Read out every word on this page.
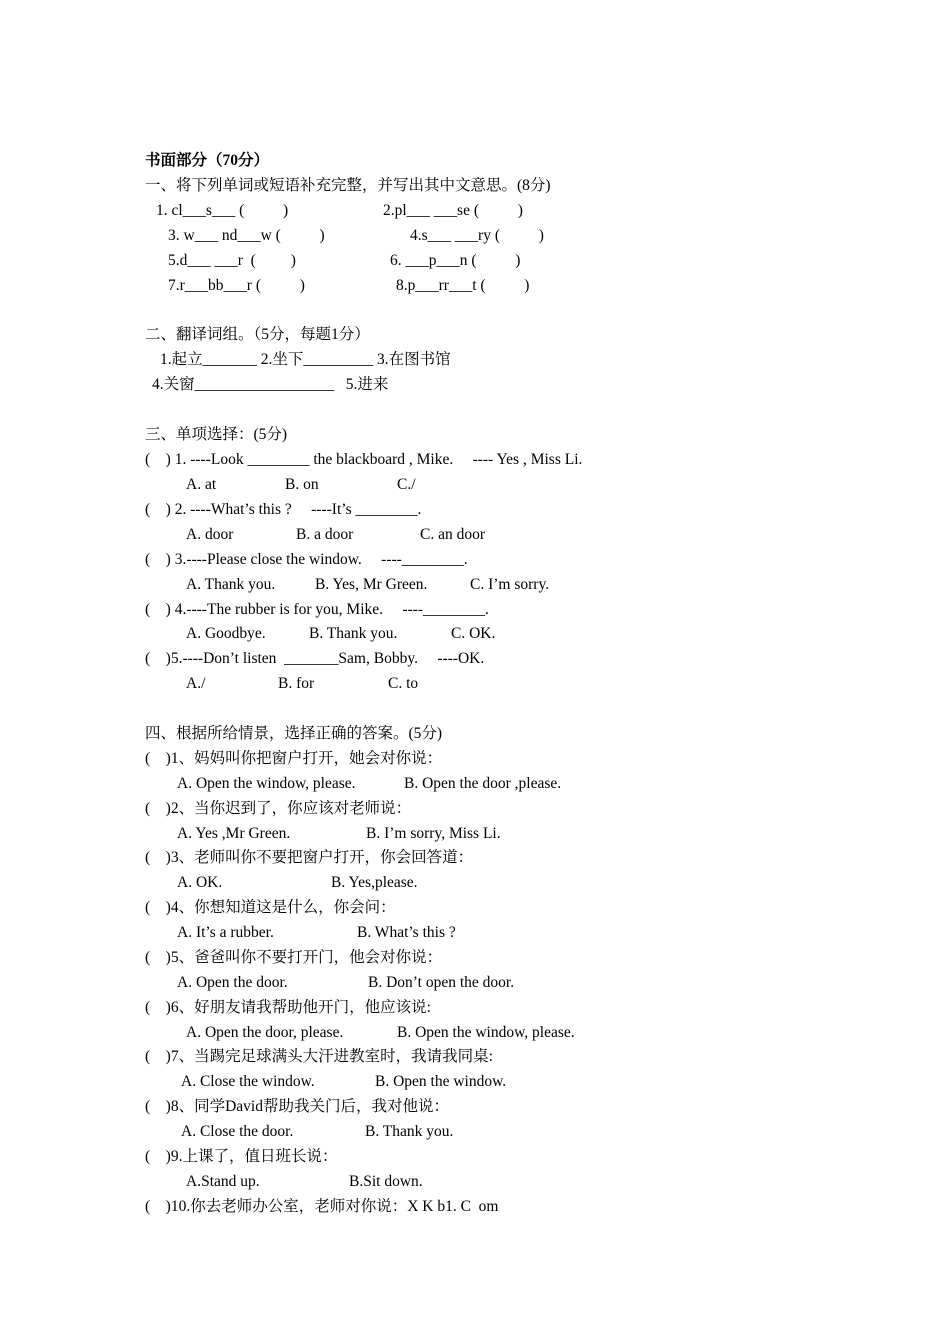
书面部分（70分）
一、将下列单词或短语补充完整，并写出其中文意思。(8分)
1. cl___s___ (          )	2.pl___ ___se (          )
3. w___ nd___w (          )	4.s___ ___ry (          )
5.d___ ___r  (         )	6. ___p___n (          )
7.r___bb___r (          )	8.p___rr___t (          )
二、翻译词组。（5分，每题1分）
1.起立_______ 2.坐下_________ 3.在图书馆
4.关窗__________________   5.进来
三、单项选择：(5分)
(    ) 1. ----Look ________ the blackboard , Mike.     ---- Yes , Miss Li.
A. at	B. on	C./
(    ) 2. ----What’s this ?     ----It’s ________.
A. door	B. a door	C. an door
(    ) 3.----Please close the window.     ----________.
A. Thank you.	B. Yes, Mr Green.	C. I’m sorry.
(    ) 4.----The rubber is for you, Mike.     ----________.
A. Goodbye.	B. Thank you.	C. OK.
(    )5.----Don’t listen  _______Sam, Bobby.     ----OK.
A./	B. for	C. to
四、根据所给情景，选择正确的答案。(5分)
(    )1、妈妈叫你把窗户打开，她会对你说：
A. Open the window, please.	B. Open the door ,please.
(    )2、当你迟到了，你应该对老师说：
A. Yes ,Mr Green.	B. I’m sorry, Miss Li.
(    )3、老师叫你不要把窗户打开，你会回答道：
A. OK.	B. Yes,please.
(    )4、你想知道这是什么，你会问：
A. It’s a rubber.	B. What’s this ?
(    )5、爸爸叫你不要打开门，他会对你说：
A. Open the door.	B. Don’t open the door.
(    )6、好朋友请我帮助他开门，他应该说:
A. Open the door, please.	B. Open the window, please.
(    )7、当踢完足球满头大汗进教室时，我请我同桌:
A. Close the window.	B. Open the window.
(    )8、同学David帮助我关门后，我对他说：
A. Close the door.	B. Thank you.
(    )9.上课了，值日班长说：
A.Stand up.	B.Sit down.
(    )10.你去老师办公室，老师对你说：X K b1. C  om
